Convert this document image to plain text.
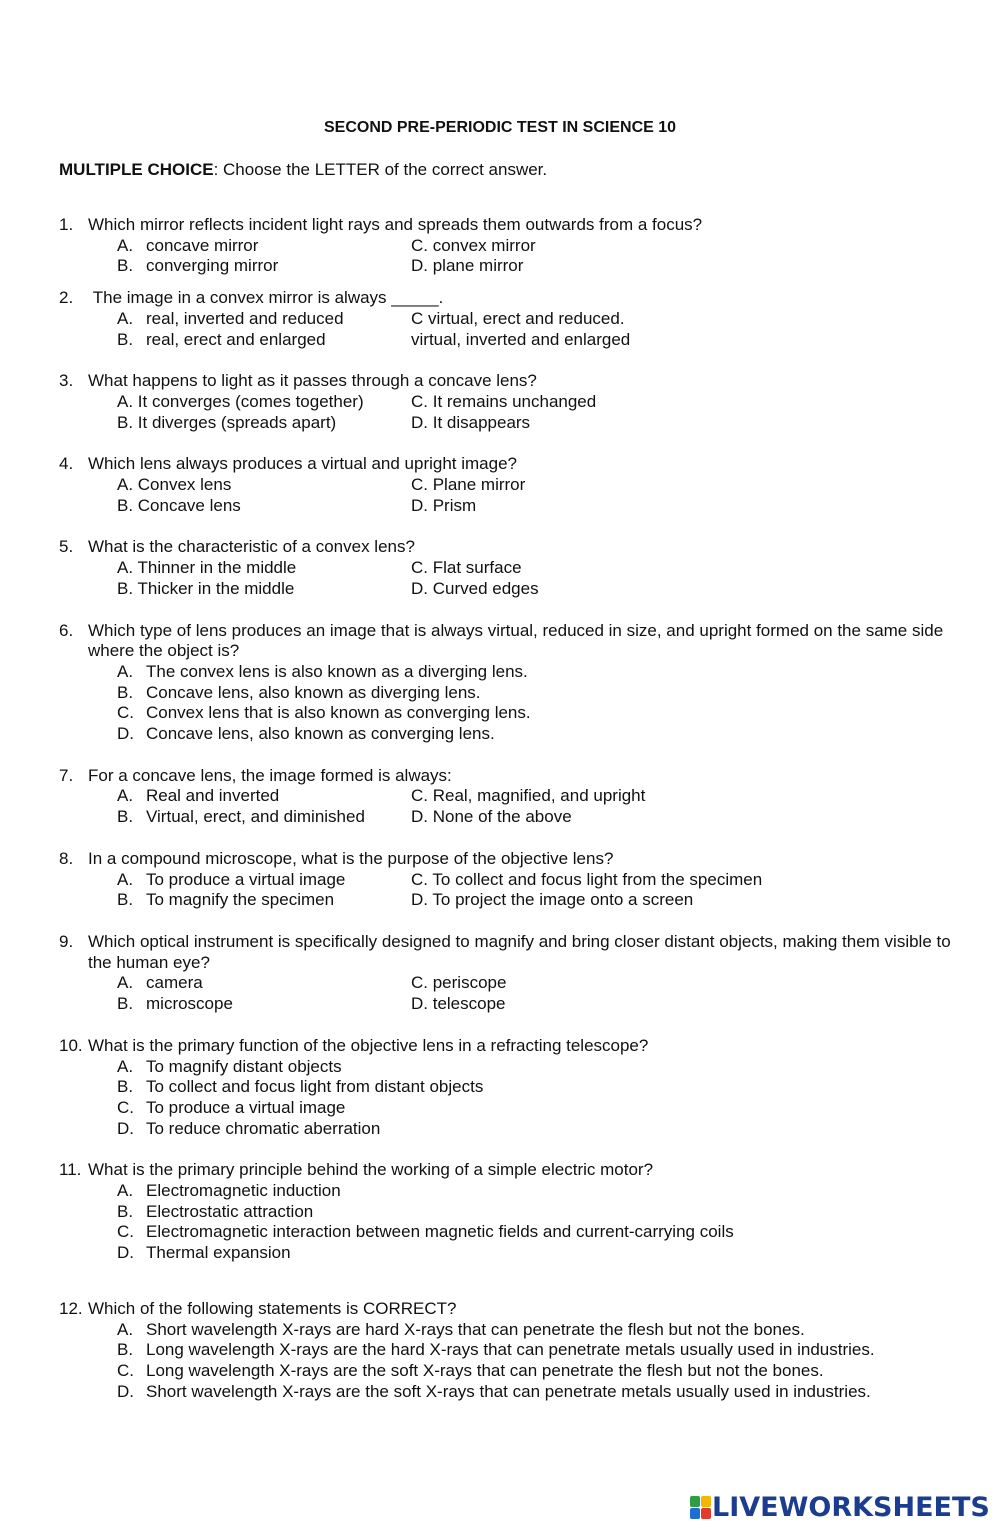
SECOND PRE-PERIODIC TEST IN SCIENCE 10
MULTIPLE CHOICE: Choose the LETTER of the correct answer.
1. Which mirror reflects incident light rays and spreads them outwards from a focus?
A. concave mirror	C. convex mirror
B. converging mirror	D. plane mirror
2. The image in a convex mirror is always _____.
A. real, inverted and reduced	C virtual, erect and reduced.
B. real, erect and enlarged	virtual, inverted and enlarged
3. What happens to light as it passes through a concave lens?
A. It converges (comes together)	C. It remains unchanged
B. It diverges (spreads apart)	D. It disappears
4. Which lens always produces a virtual and upright image?
A. Convex lens	C. Plane mirror
B. Concave lens	D. Prism
5. What is the characteristic of a convex lens?
A. Thinner in the middle	C. Flat surface
B. Thicker in the middle	D. Curved edges
6. Which type of lens produces an image that is always virtual, reduced in size, and upright formed on the same side where the object is?
A. The convex lens is also known as a diverging lens.
B. Concave lens, also known as diverging lens.
C. Convex lens that is also known as converging lens.
D. Concave lens, also known as converging lens.
7. For a concave lens, the image formed is always:
A. Real and inverted	C. Real, magnified, and upright
B. Virtual, erect, and diminished	D. None of the above
8. In a compound microscope, what is the purpose of the objective lens?
A. To produce a virtual image	C. To collect and focus light from the specimen
B. To magnify the specimen	D. To project the image onto a screen
9. Which optical instrument is specifically designed to magnify and bring closer distant objects, making them visible to the human eye?
A. camera	C. periscope
B. microscope	D. telescope
10. What is the primary function of the objective lens in a refracting telescope?
A. To magnify distant objects
B. To collect and focus light from distant objects
C. To produce a virtual image
D. To reduce chromatic aberration
11. What is the primary principle behind the working of a simple electric motor?
A. Electromagnetic induction
B. Electrostatic attraction
C. Electromagnetic interaction between magnetic fields and current-carrying coils
D. Thermal expansion
12. Which of the following statements is CORRECT?
A. Short wavelength X-rays are hard X-rays that can penetrate the flesh but not the bones.
B. Long wavelength X-rays are the hard X-rays that can penetrate metals usually used in industries.
C. Long wavelength X-rays are the soft X-rays that can penetrate the flesh but not the bones.
D. Short wavelength X-rays are the soft X-rays that can penetrate metals usually used in industries.
LIVEWORKSHEETS
